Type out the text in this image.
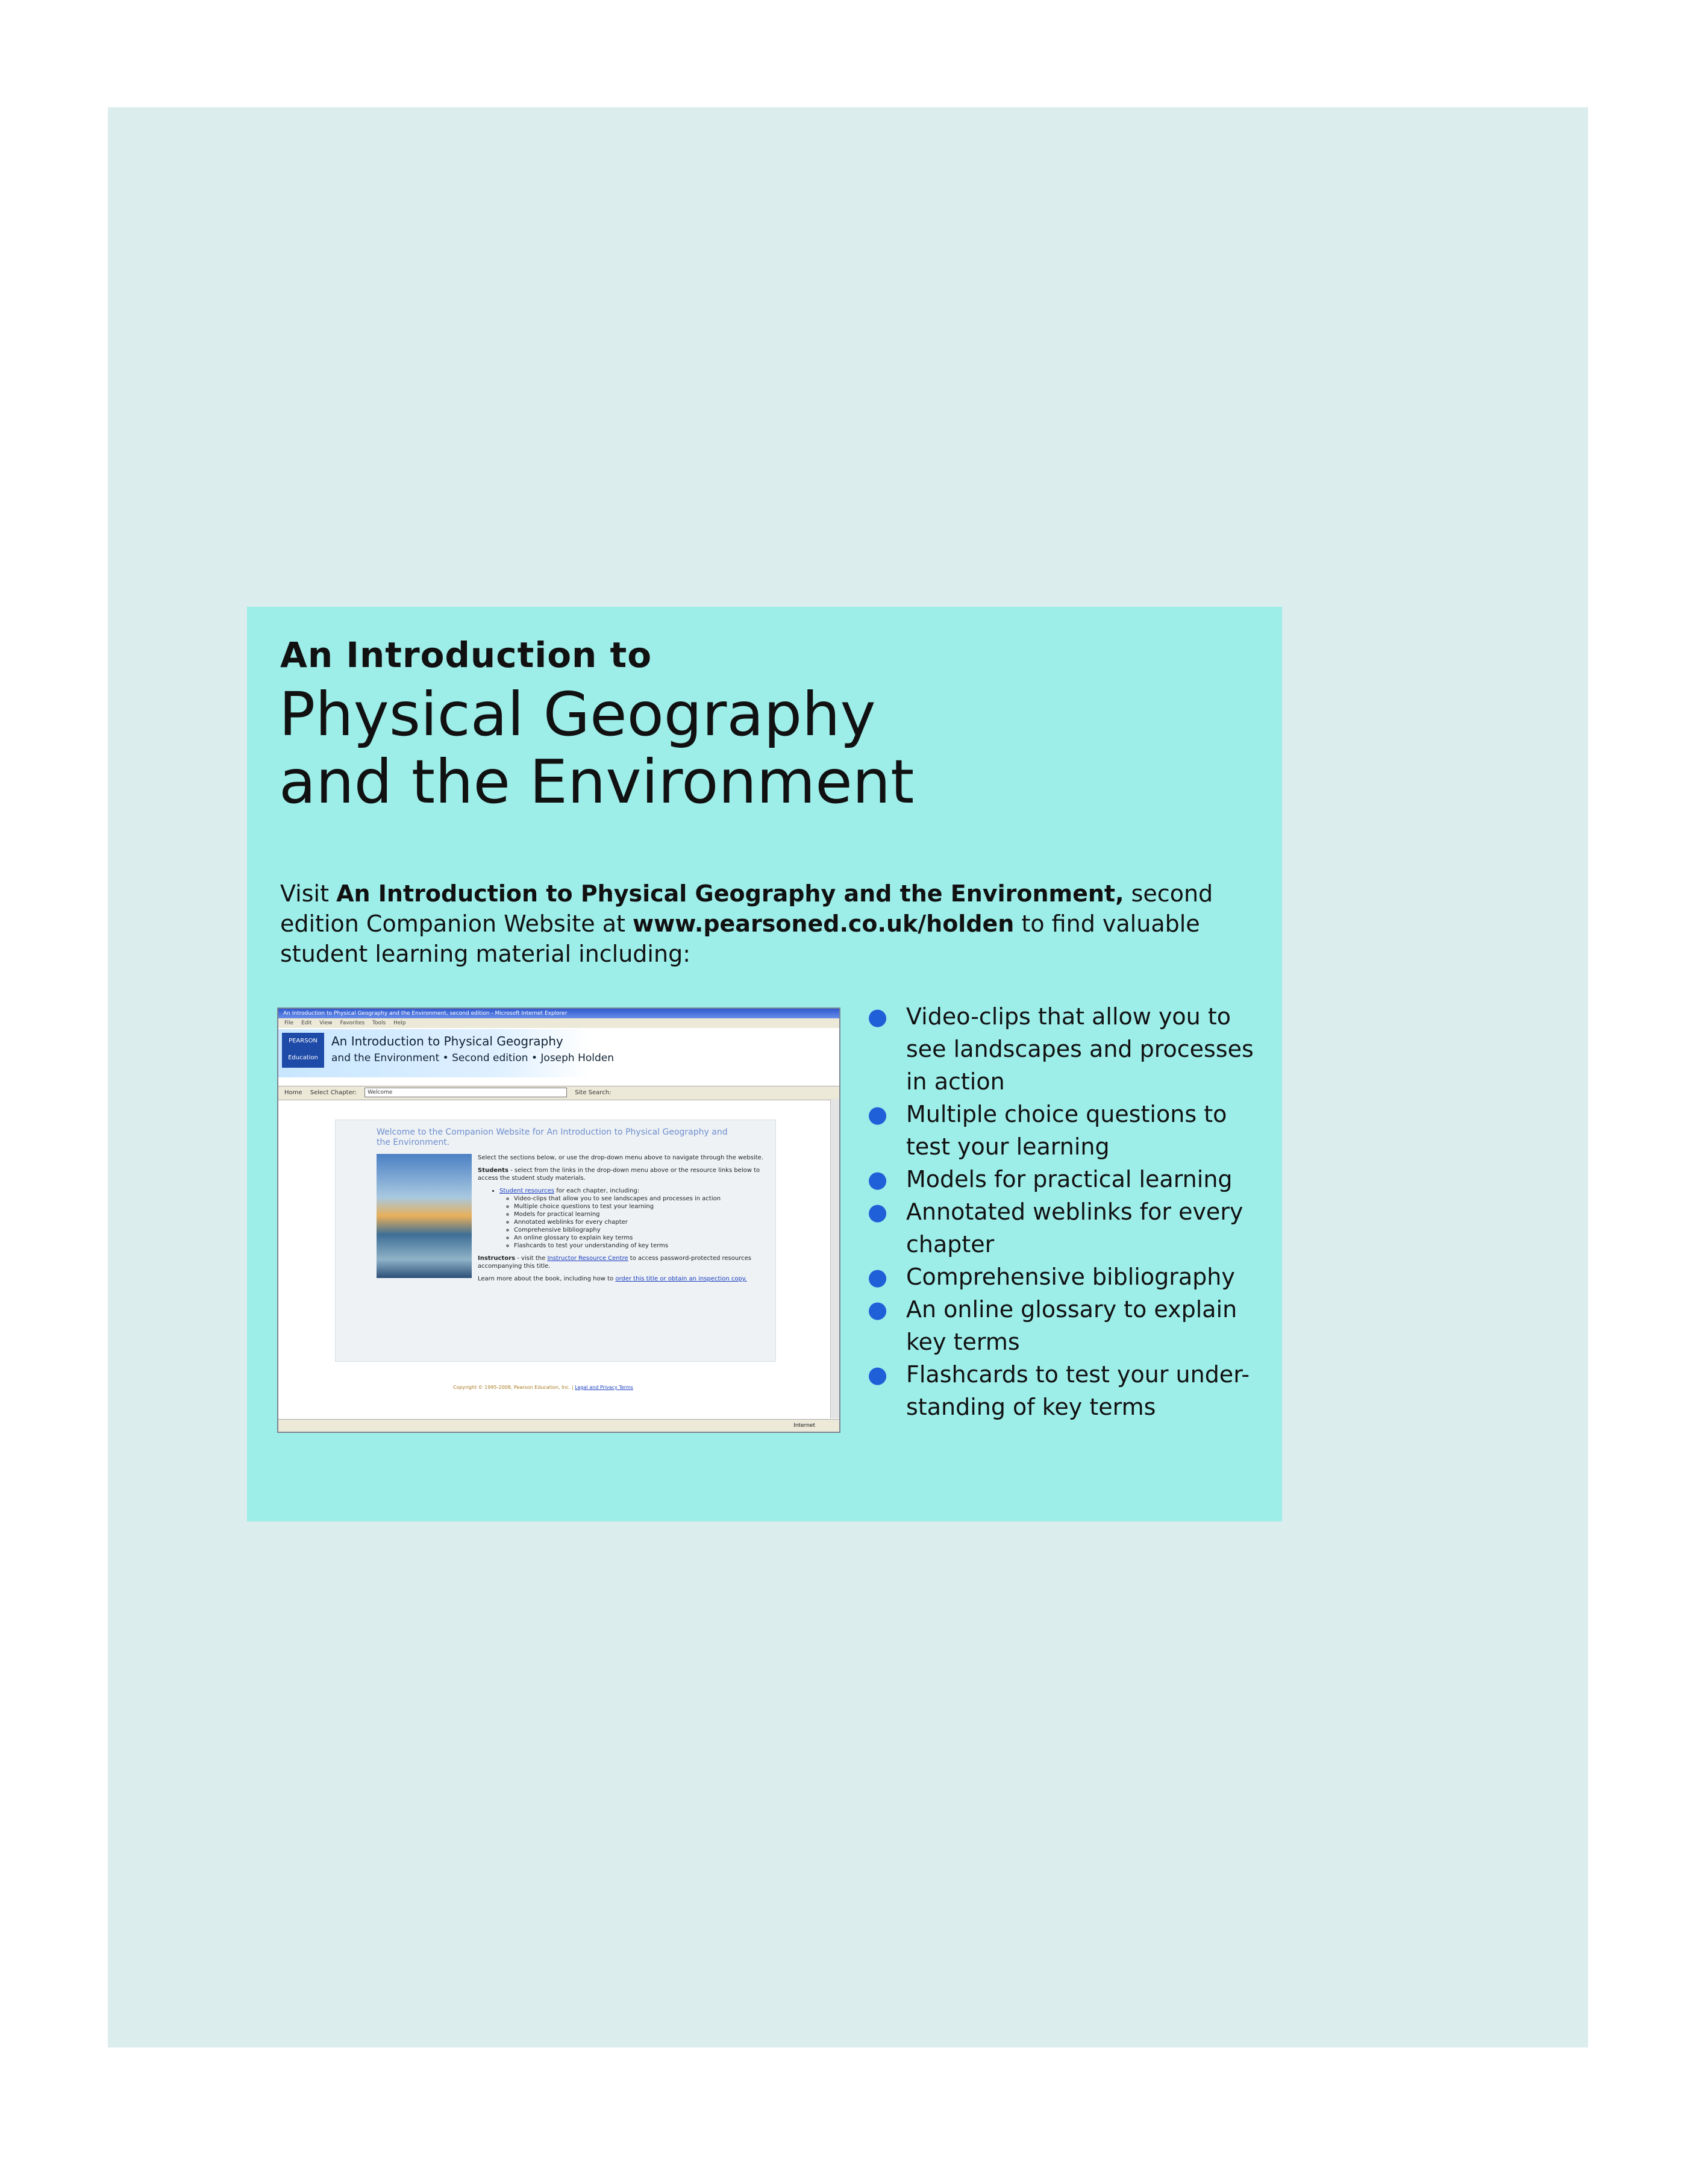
An Introduction to
Physical Geography
and the Environment
Visit An Introduction to Physical Geography and the Environment, second edition Companion Website at www.pearsoned.co.uk/holden to find valuable student learning material including:
An Introduction to Physical Geography and the Environment, second edition - Microsoft Internet Explorer
File Edit View Favorites Tools Help
PEARSON
Education
An Introduction to Physical Geography
and the Environment • Second edition • Joseph Holden
Home Select Chapter: Welcome	Site Search:
Welcome to the Companion Website for An Introduction to Physical Geography and the Environment.

Select the sections below, or use the drop-down menu above to navigate through the website.

Students - select from the links in the drop-down menu above or the resource links below to access the student study materials.

• Student resources for each chapter, including:
◦ Video-clips that allow you to see landscapes and processes in action
◦ Multiple choice questions to test your learning
◦ Models for practical learning
◦ Annotated weblinks for every chapter
◦ Comprehensive bibliography
◦ An online glossary to explain key terms
◦ Flashcards to test your understanding of key terms

Instructors - visit the Instructor Resource Centre to access password-protected resources accompanying this title.

Learn more about the book, including how to order this title or obtain an inspection copy.

Copyright © 1995-2008, Pearson Education, Inc. | Legal and Privacy Terms
Internet
● Video-clips that allow you to see landscapes and processes in action
● Multiple choice questions to test your learning
● Models for practical learning
● Annotated weblinks for every chapter
● Comprehensive bibliography
● An online glossary to explain key terms
● Flashcards to test your under-standing of key terms
